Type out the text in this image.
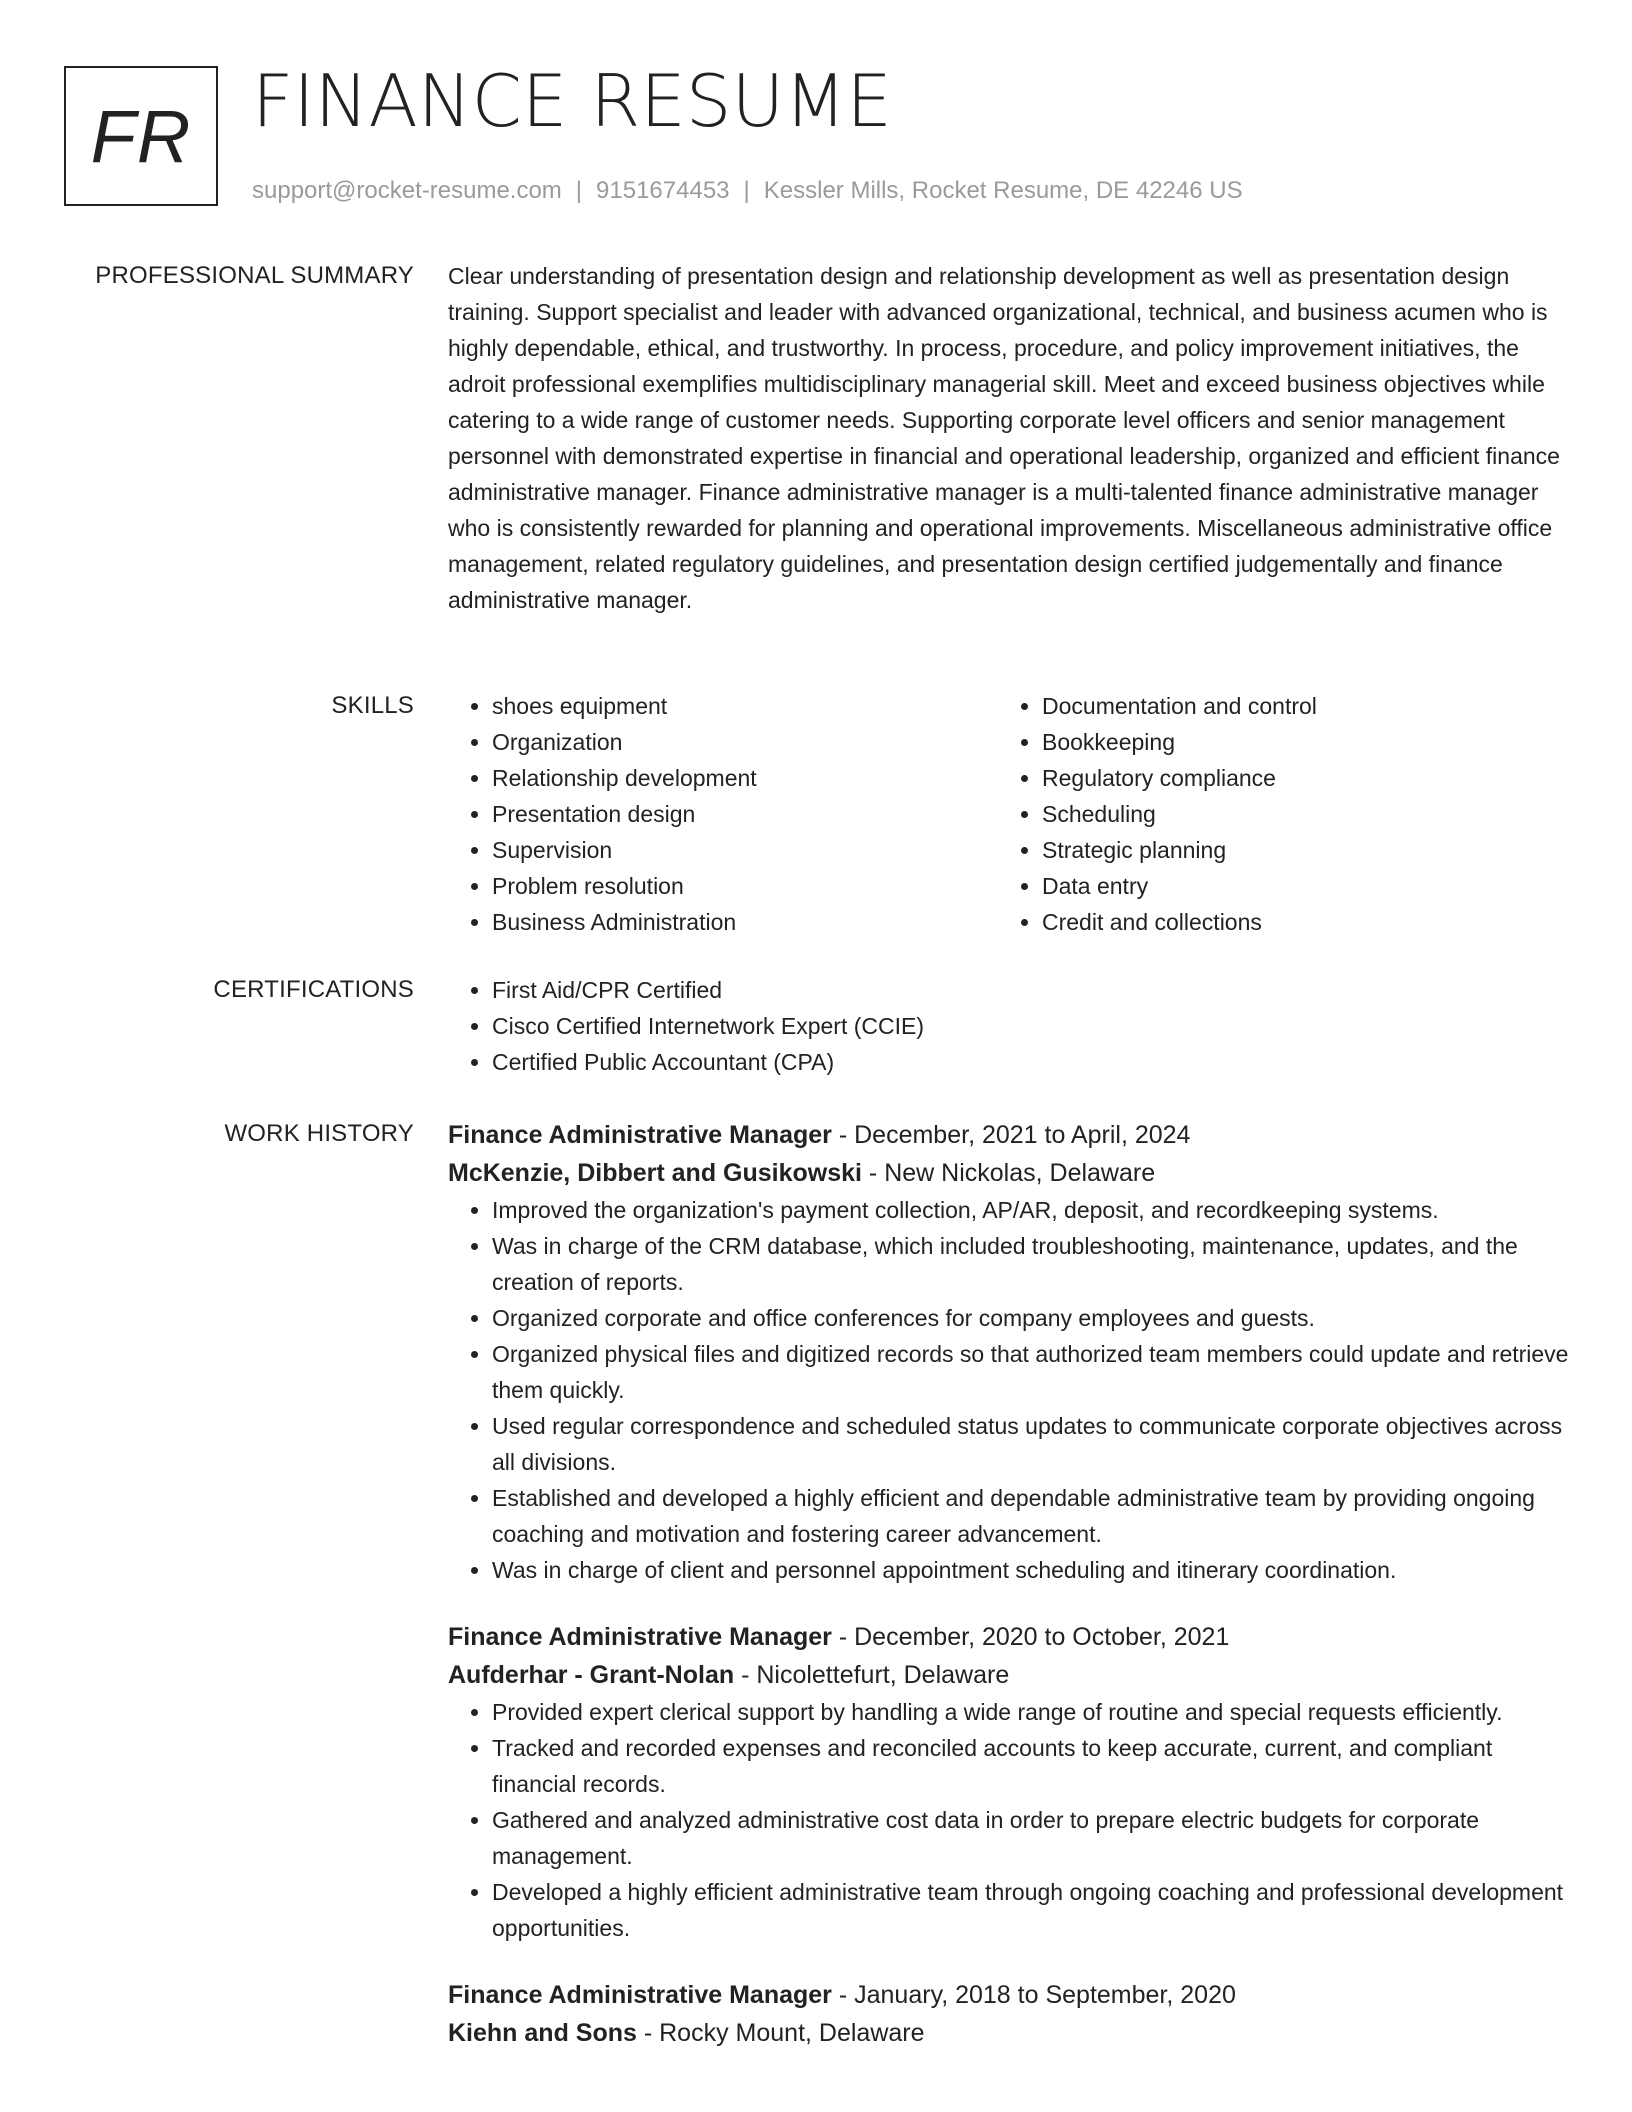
FR FINANCE RESUME
support@rocket-resume.com | 9151674453 | Kessler Mills, Rocket Resume, DE 42246 US
PROFESSIONAL SUMMARY Clear understanding of presentation design and relationship development as well as presentation design training. Support specialist and leader with advanced organizational, technical, and business acumen who is highly dependable, ethical, and trustworthy. In process, procedure, and policy improvement initiatives, the adroit professional exemplifies multidisciplinary managerial skill. Meet and exceed business objectives while catering to a wide range of customer needs. Supporting corporate level officers and senior management personnel with demonstrated expertise in financial and operational leadership, organized and efficient finance administrative manager. Finance administrative manager is a multi-talented finance administrative manager who is consistently rewarded for planning and operational improvements. Miscellaneous administrative office management, related regulatory guidelines, and presentation design certified judgementally and finance administrative manager.

SKILLS	• shoes equipment
• Organization
• Relationship development
• Presentation design
• Supervision
• Problem resolution
• Business Administration
• Documentation and control
• Bookkeeping
• Regulatory compliance
• Scheduling
• Strategic planning
• Data entry
• Credit and collections
CERTIFICATIONS	• First Aid/CPR Certified
• Cisco Certified Internetwork Expert (CCIE)
• Certified Public Accountant (CPA)
WORK HISTORY Finance Administrative Manager - December, 2021 to April, 2024
McKenzie, Dibbert and Gusikowski - New Nickolas, Delaware
• Improved the organization's payment collection, AP/AR, deposit, and recordkeeping systems.
• Was in charge of the CRM database, which included troubleshooting, maintenance, updates, and the creation of reports.
• Organized corporate and office conferences for company employees and guests.
• Organized physical files and digitized records so that authorized team members could update and retrieve them quickly.
• Used regular correspondence and scheduled status updates to communicate corporate objectives across all divisions.
• Established and developed a highly efficient and dependable administrative team by providing ongoing coaching and motivation and fostering career advancement.
• Was in charge of client and personnel appointment scheduling and itinerary coordination.
Finance Administrative Manager - December, 2020 to October, 2021
Aufderhar - Grant-Nolan - Nicolettefurt, Delaware
• Provided expert clerical support by handling a wide range of routine and special requests efficiently.
• Tracked and recorded expenses and reconciled accounts to keep accurate, current, and compliant financial records.
• Gathered and analyzed administrative cost data in order to prepare electric budgets for corporate management.
• Developed a highly efficient administrative team through ongoing coaching and professional development opportunities.
Finance Administrative Manager - January, 2018 to September, 2020
Kiehn and Sons - Rocky Mount, Delaware
